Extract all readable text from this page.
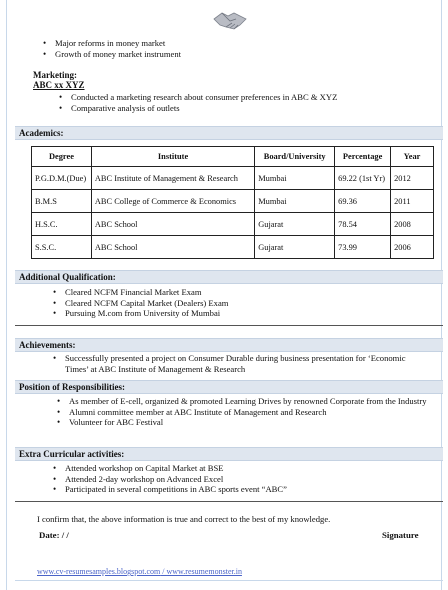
• Major reforms in money market
• Growth of money market instrument
Marketing:
ABC xx XYZ
• Conducted a marketing research about consumer preferences in ABC & XYZ
• Comparative analysis of outlets
Academics:
Degree	Institute	Board/University	Percentage	Year
P.G.D.M.(Due)	ABC Institute of Management & Research	Mumbai	69.22 (1st Yr)	2012
B.M.S	ABC College of Commerce & Economics	Mumbai	69.36	2011
H.S.C.	ABC School	Gujarat	78.54	2008
S.S.C.	ABC School	Gujarat	73.99	2006
Additional Qualification:
• Cleared NCFM Financial Market Exam
• Cleared NCFM Capital Market (Dealers) Exam
• Pursuing M.com from University of Mumbai
Achievements:
• Successfully presented a project on Consumer Durable during business presentation for ‘Economic Times’ at ABC Institute of Management & Research
Position of Responsibilities:
• As member of E-cell, organized & promoted Learning Drives by renowned Corporate from the Industry
• Alumni committee member at ABC Institute of Management and Research
• Volunteer for ABC Festival
Extra Curricular activities:
• Attended workshop on Capital Market at BSE
• Attended 2-day workshop on Advanced Excel
• Participated in several competitions in ABC sports event “ABC”
I confirm that, the above information is true and correct to the best of my knowledge.
Date: / /	Signature
www.cv-resumesamples.blogspot.com / www.resumemonster.in
